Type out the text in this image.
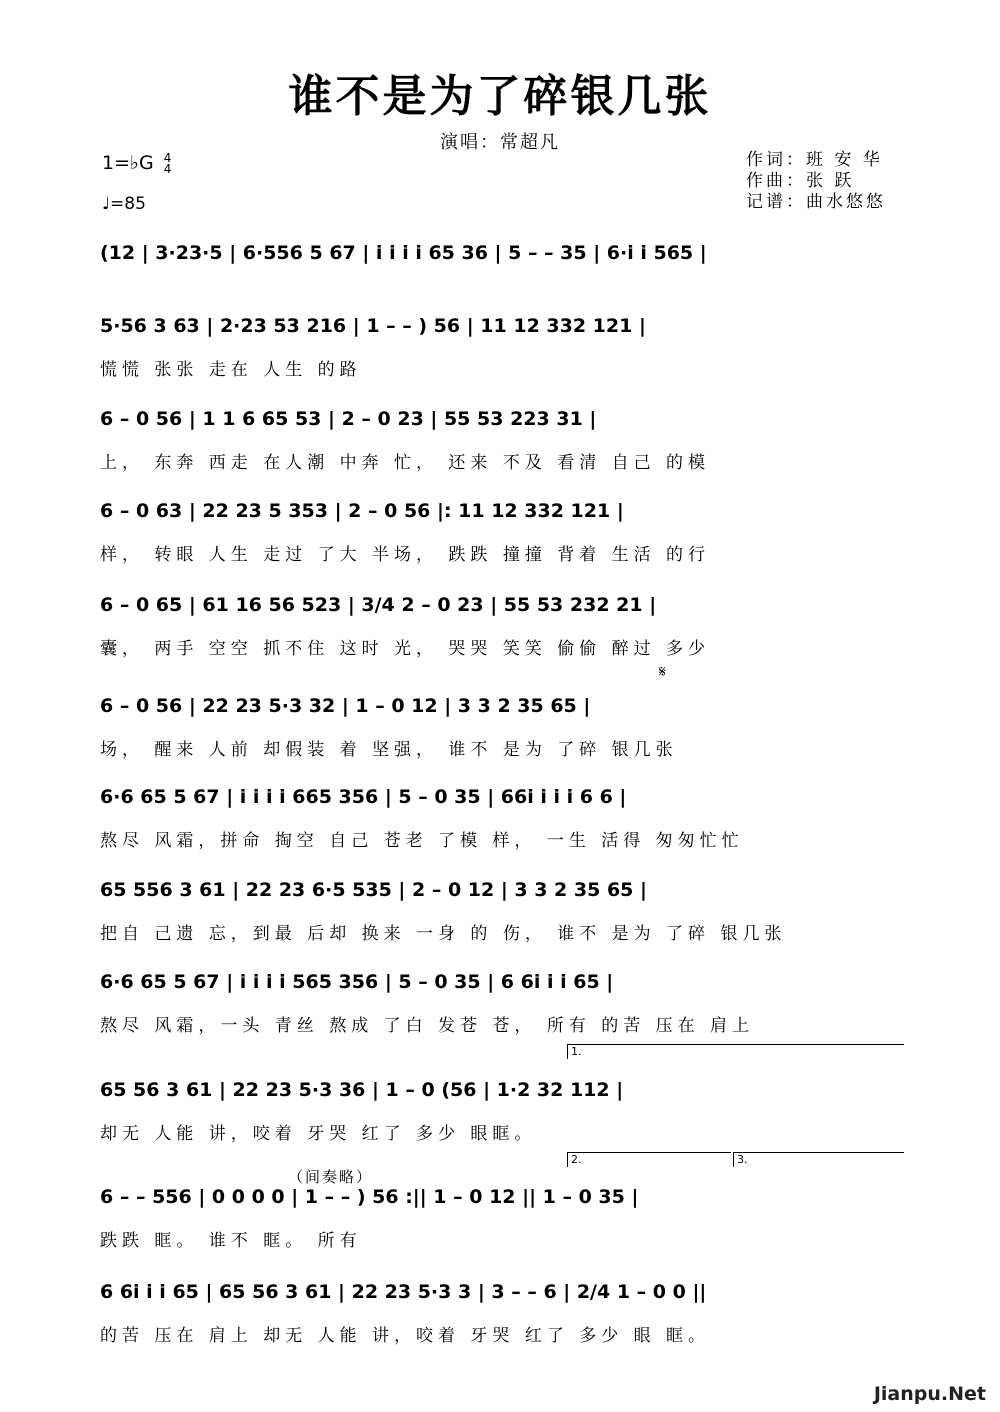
谁不是为了碎银几张
演唱：常超凡
1=♭G 4
4
♩=85
作词：班 安 华
作曲：张 跃
记谱：曲水悠悠
𝄋
（间奏略）
1.
2.	3.
(12 | 3·23·5 | 6·556 5 67 | i i i i 65 36 | 5 – – 35 | 6·i i 565 |
5·56 3 63 | 2·23 53 216 | 1 – – ) 56 | 11 12 332 121 |
慌慌 张张 走在 人生 的路
6 – 0 56 | 1 1 6 65 53 | 2 – 0 23 | 55 53 223 31 |
上， 东奔 西走 在人潮 中奔 忙， 还来 不及 看清 自己 的模
6 – 0 63 | 22 23 5 353 | 2 – 0 56 |: 11 12 332 121 |
样， 转眼 人生 走过 了大 半场， 跌跌 撞撞 背着 生活 的行
6 – 0 65 | 61 16 56 523 | 3/4 2 – 0 23 | 55 53 232 21 |
囊， 两手 空空 抓不住 这时 光， 哭哭 笑笑 偷偷 醉过 多少
6 – 0 56 | 22 23 5·3 32 | 1 – 0 12 | 3 3 2 35 65 |
场， 醒来 人前 却假装 着 坚强， 谁不 是为 了碎 银几张
6·6 65 5 67 | i i i i 665 356 | 5 – 0 35 | 66i i i i 6 6 |
熬尽 风霜，拼命 掏空 自己 苍老 了模 样， 一生 活得 匆匆忙忙
65 556 3 61 | 22 23 6·5 535 | 2 – 0 12 | 3 3 2 35 65 |
把自 己遗 忘，到最 后却 换来 一身 的 伤， 谁不 是为 了碎 银几张
6·6 65 5 67 | i i i i 565 356 | 5 – 0 35 | 6 6i i i 65 |
熬尽 风霜，一头 青丝 熬成 了白 发苍 苍， 所有 的苦 压在 肩上
65 56 3 61 | 22 23 5·3 36 | 1 – 0 (56 | 1·2 32 112 |
却无 人能 讲，咬着 牙哭 红了 多少 眼眶。
6 – – 556 | 0 0 0 0 | 1 – – ) 56 :|| 1 – 0 12 || 1 – 0 35 |
跌跌 眶。 谁不 眶。 所有
6 6i i i 65 | 65 56 3 61 | 22 23 5·3 3 | 3 – – 6 | 2/4 1 – 0 0 ||
的苦 压在 肩上 却无 人能 讲，咬着 牙哭 红了 多少 眼 眶。
Jianpu.Net
